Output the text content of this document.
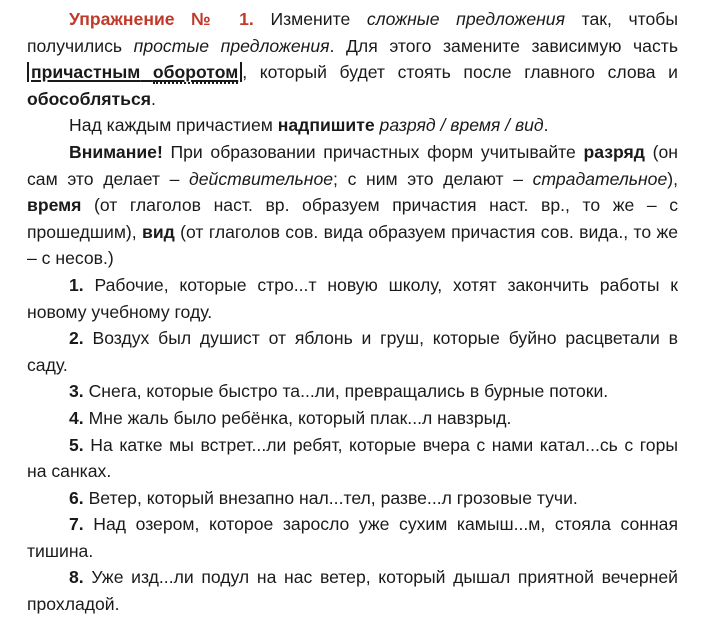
Упражнение № 1. Измените сложные предложения так, чтобы получились простые предложения. Для этого замените зависимую часть причастным оборотом , который будет стоять после главного слова и обособляться.

Над каждым причастием надпишите разряд / время / вид.

Внимание! При образовании причастных форм учитывайте разряд (он сам это делает – действительное; с ним это делают – страдательное), время (от глаголов наст. вр. образуем причастия наст. вр., то же – с прошедшим), вид (от глаголов сов. вида образуем причастия сов. вида., то же – с несов.)

1. Рабочие, которые стро...т новую школу, хотят закончить работы к новому учебному году.

2. Воздух был душист от яблонь и груш, которые буйно расцветали в саду.

3. Снега, которые быстро та...ли, превращались в бурные потоки.

4. Мне жаль было ребёнка, который плак...л навзрыд.

5. На катке мы встрет...ли ребят, которые вчера с нами катал...сь с горы на санках.

6. Ветер, который внезапно нал...тел, разве...л грозовые тучи.

7. Над озером, которое заросло уже сухим камыш...м, стояла сонная тишина.

8. Уже изд...ли подул на нас ветер, который дышал приятной вечерней прохладой.
